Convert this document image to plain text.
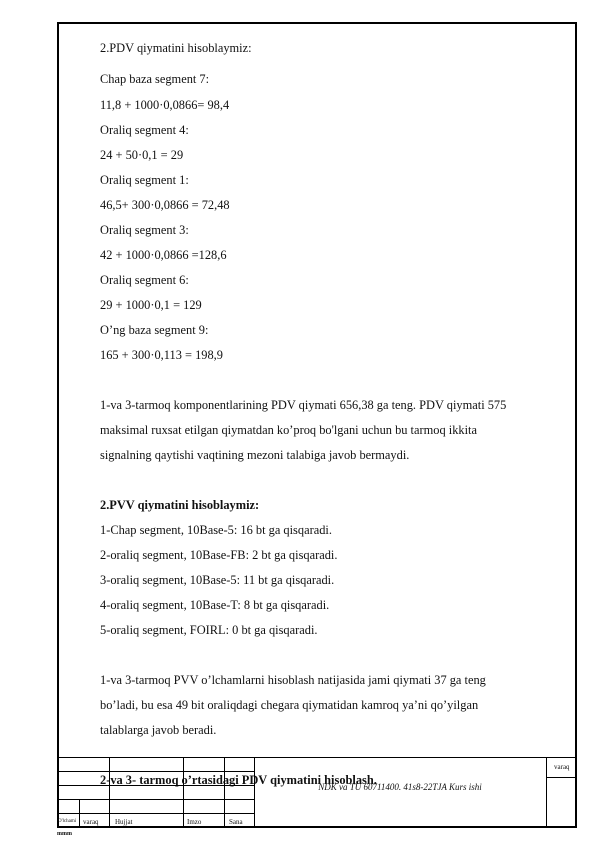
2.PDV qiymatini hisoblaymiz:
Chap baza segment 7:
11,8 + 1000·0,0866= 98,4
Oraliq segment 4:
24 + 50·0,1 = 29
Oraliq segment 1:
46,5+ 300·0,0866 = 72,48
Oraliq segment 3:
42 + 1000·0,0866 =128,6
Oraliq segment 6:
29 + 1000·0,1 = 129
O’ng baza segment 9:
165 + 300·0,113 = 198,9
1-va 3-tarmoq komponentlarining PDV qiymati 656,38 ga teng. PDV qiymati 575
maksimal ruxsat etilgan qiymatdan ko’proq bo'lgani uchun bu tarmoq ikkita
signalning qaytishi vaqtining mezoni talabiga javob bermaydi.
2.PVV qiymatini hisoblaymiz:
1-Chap segment, 10Base-5: 16 bt ga qisqaradi.
2-oraliq segment, 10Base-FB: 2 bt ga qisqaradi.
3-oraliq segment, 10Base-5: 11 bt ga qisqaradi.
4-oraliq segment, 10Base-T: 8 bt ga qisqaradi.
5-oraliq segment, FOIRL: 0 bt ga qisqaradi.
1-va 3-tarmoq PVV o’lchamlarni hisoblash natijasida jami qiymati 37 ga teng
bo’ladi, bu esa 49 bit oraliqdagi chegara qiymatidan kamroq ya’ni qo’yilgan
talablarga javob beradi.
2-va 3- tarmoq o’rtasidagi PDV qiymatini hisoblash.
O'lchami varaq Hujjat	Imzo	Sana
varaq
NDK va TU 60711400. 41s8-22TJA Kurs ishi
mmm
